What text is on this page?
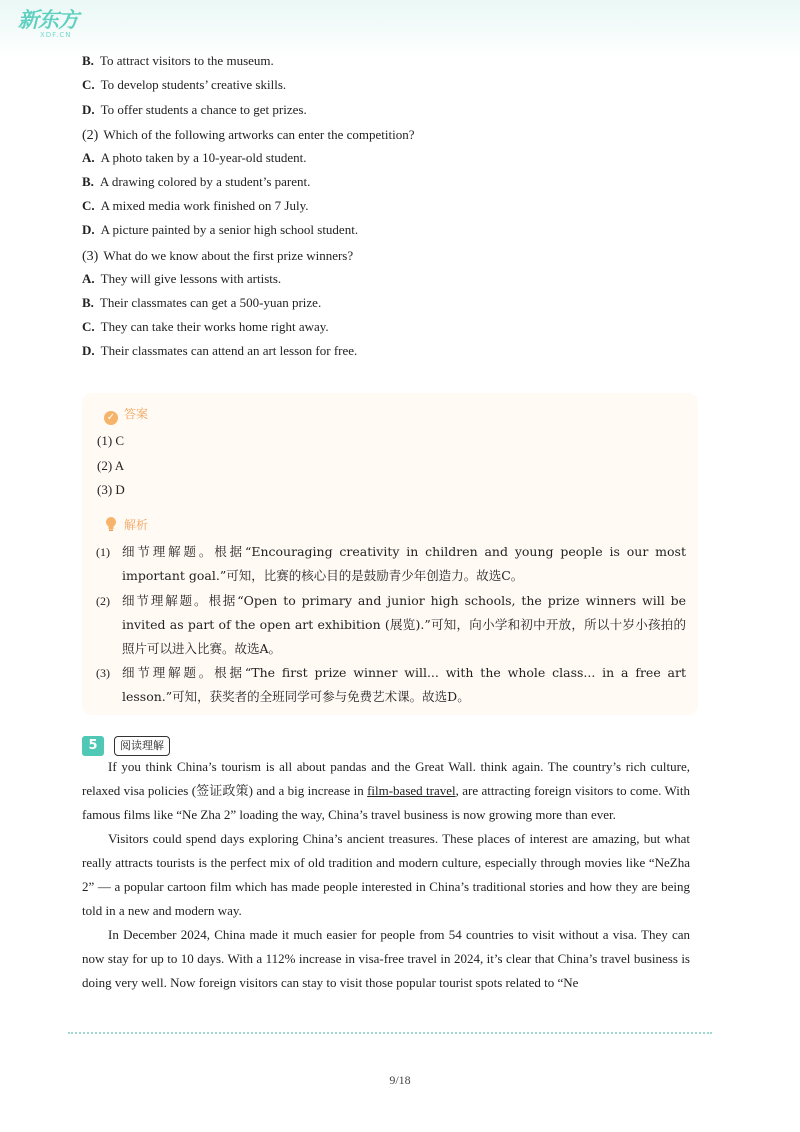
新东方
XDF.CN
B. To attract visitors to the museum.
C. To develop students’ creative skills.
D. To offer students a chance to get prizes.
(2) Which of the following artworks can enter the competition?
A. A photo taken by a 10-year-old student.
B. A drawing colored by a student’s parent.
C. A mixed media work finished on 7 July.
D. A picture painted by a senior high school student.
(3) What do we know about the first prize winners?
A. They will give lessons with artists.
B. Their classmates can get a 500-yuan prize.
C. They can take their works home right away.
D. Their classmates can attend an art lesson for free.
✓ 答案
(1) C
(2) A
(3) D
解析
(1) 细节理解题。根据“Encouraging creativity in children and young people is our most important goal.”可知，比赛的核心目的是鼓励青少年创造力。故选C。
(2) 细节理解题。根据“Open to primary and junior high schools, the prize winners will be invited as part of the open art exhibition (展览).”可知，向小学和初中开放，所以十岁小孩拍的照片可以进入比赛。故选A。
(3) 细节理解题。根据“The first prize winner will... with the whole class... in a free art lesson.”可知，获奖者的全班同学可参与免费艺术课。故选D。
5	阅读理解

If you think China’s tourism is all about pandas and the Great Wall. think again. The country’s rich culture, relaxed visa policies (签证政策) and a big increase in film-based travel, are attracting foreign visitors to come. With famous films like “Ne Zha 2” loading the way, China’s travel business is now growing more than ever.

Visitors could spend days exploring China’s ancient treasures. These places of interest are amazing, but what really attracts tourists is the perfect mix of old tradition and modern culture, especially through movies like “NeZha 2” — a popular cartoon film which has made people interested in China’s traditional stories and how they are being told in a new and modern way.

In December 2024, China made it much easier for people from 54 countries to visit without a visa. They can now stay for up to 10 days. With a 112% increase in visa-free travel in 2024, it’s clear that China’s travel business is doing very well. Now foreign visitors can stay to visit those popular tourist spots related to “Ne

9/18
